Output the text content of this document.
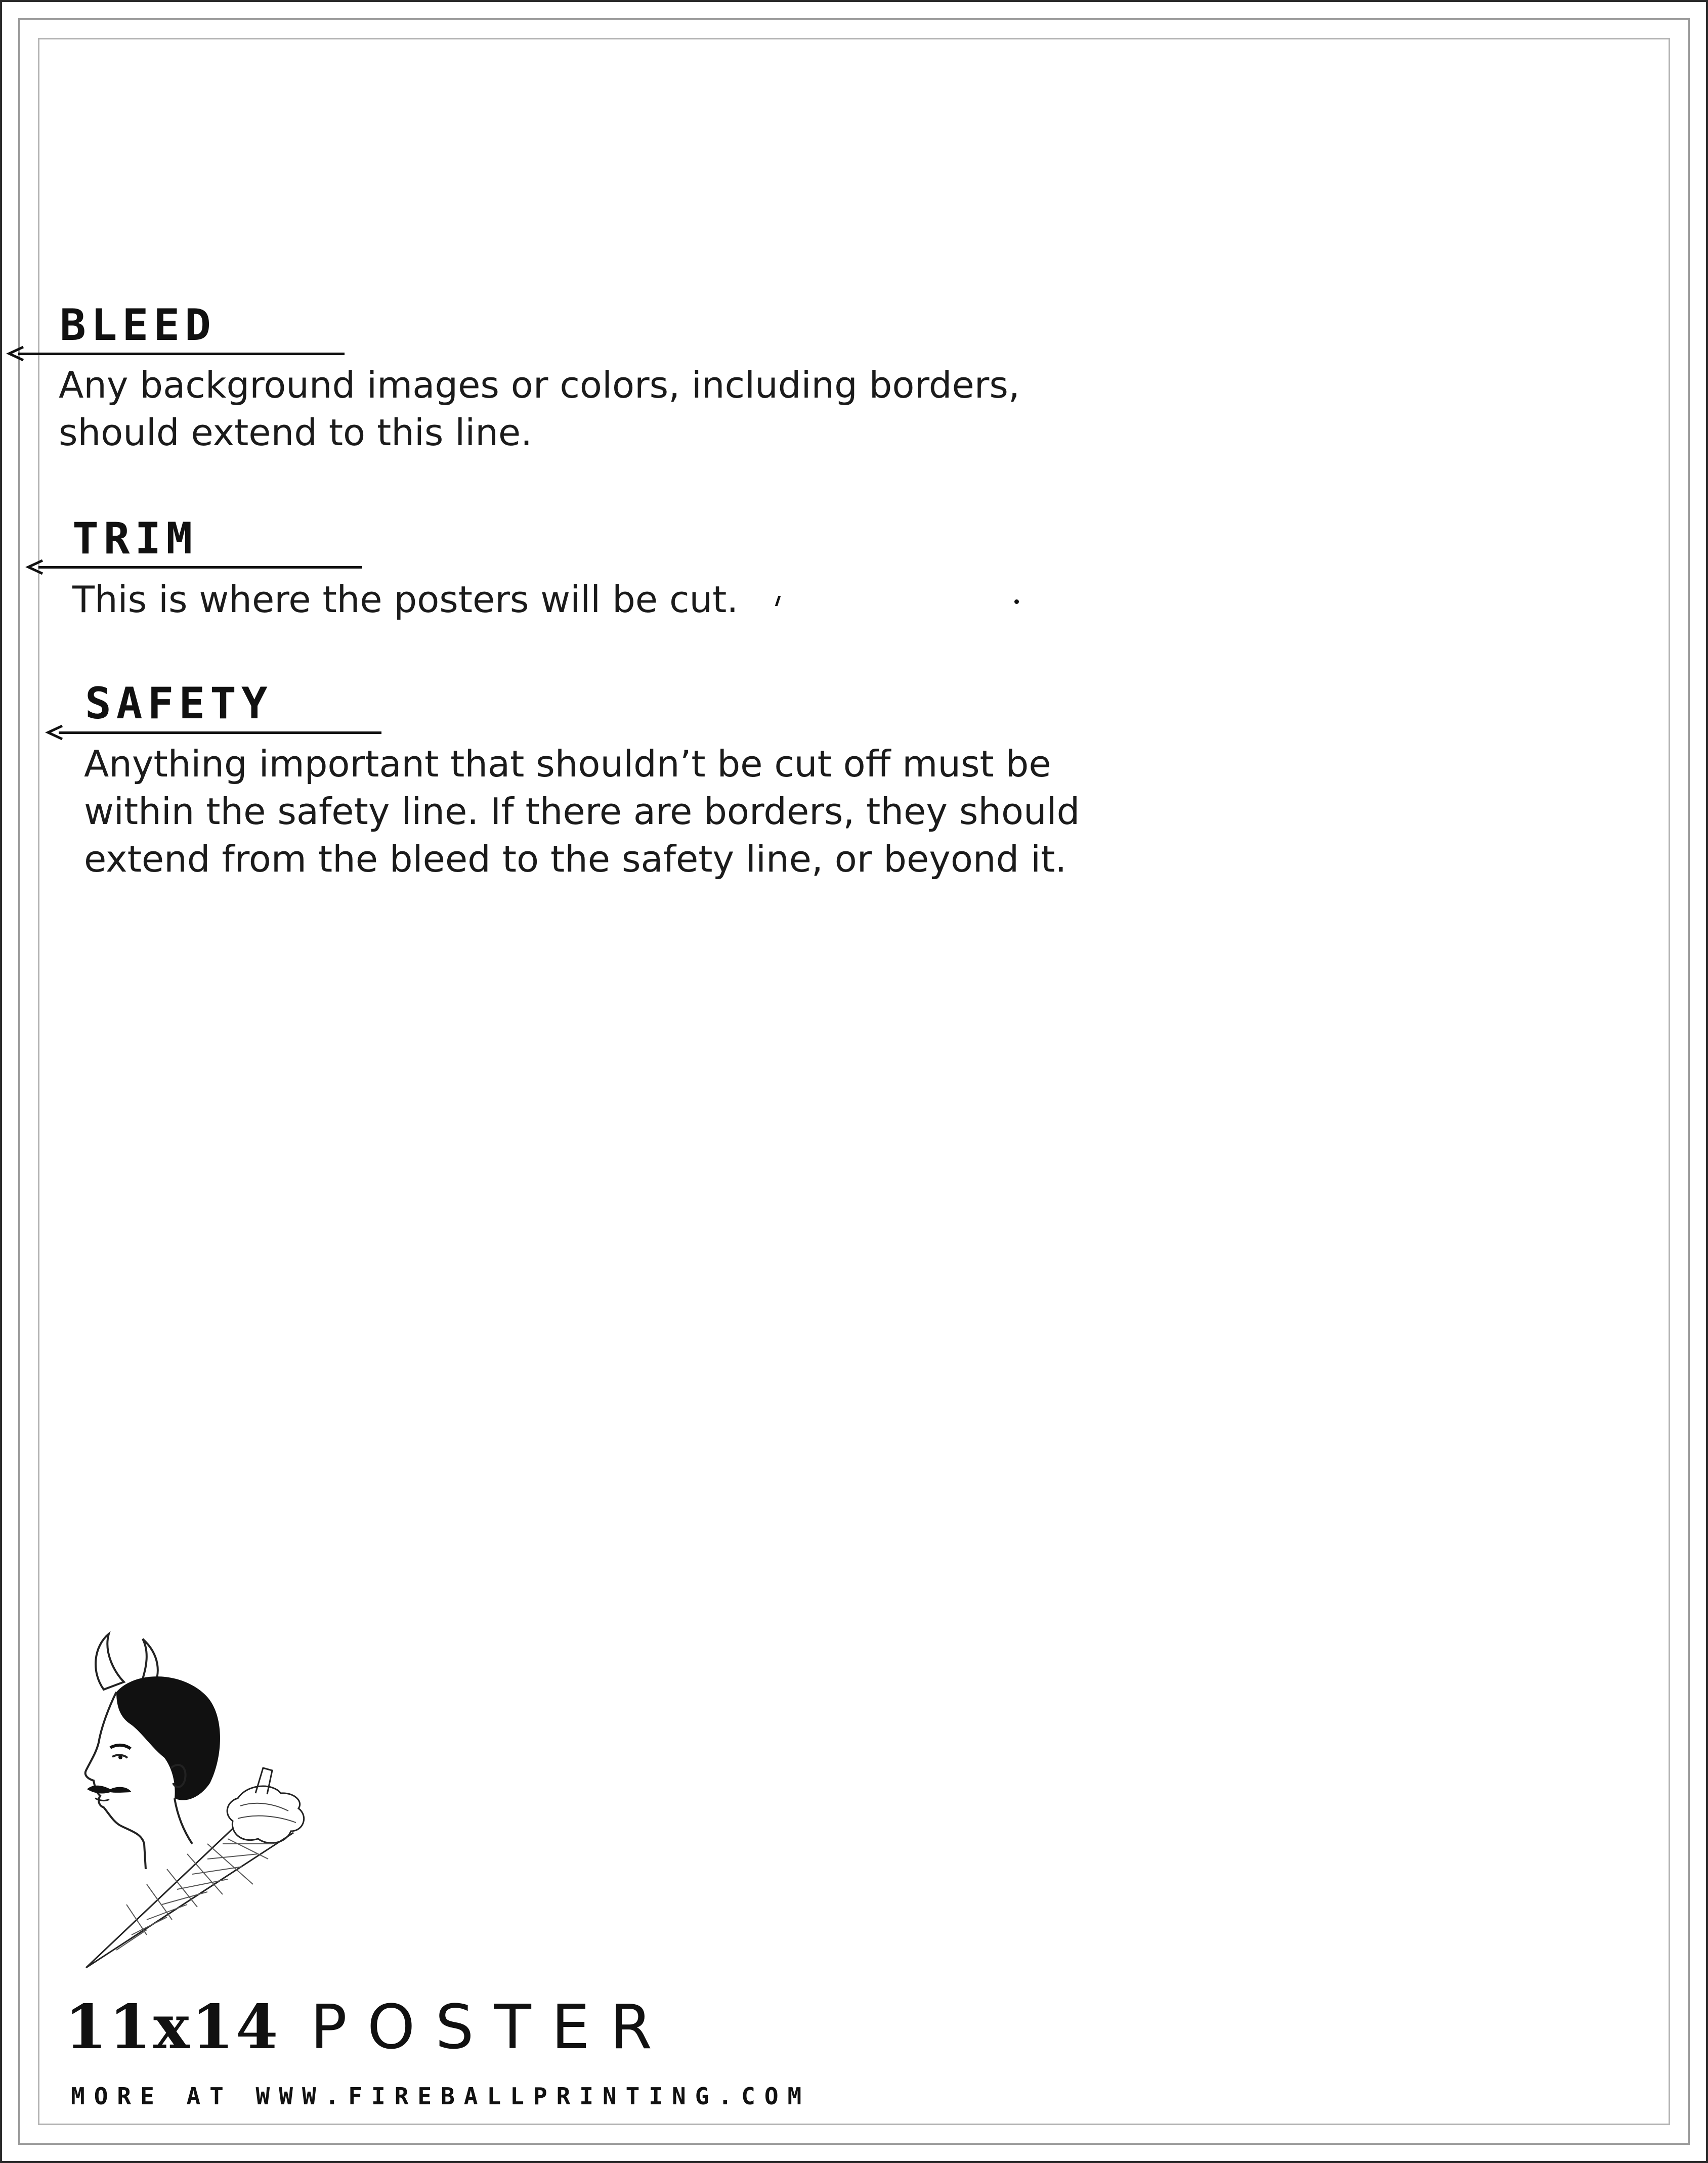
BLEED
Any background images or colors, including borders,
should extend to this line.
TRIM
This is where the posters will be cut.
SAFETY
Anything important that shouldn’t be cut off must be
within the safety line. If there are borders, they should
extend from the bleed to the safety line, or beyond it.
11x14 POSTER
MORE AT WWW.FIREBALLPRINTING.COM
